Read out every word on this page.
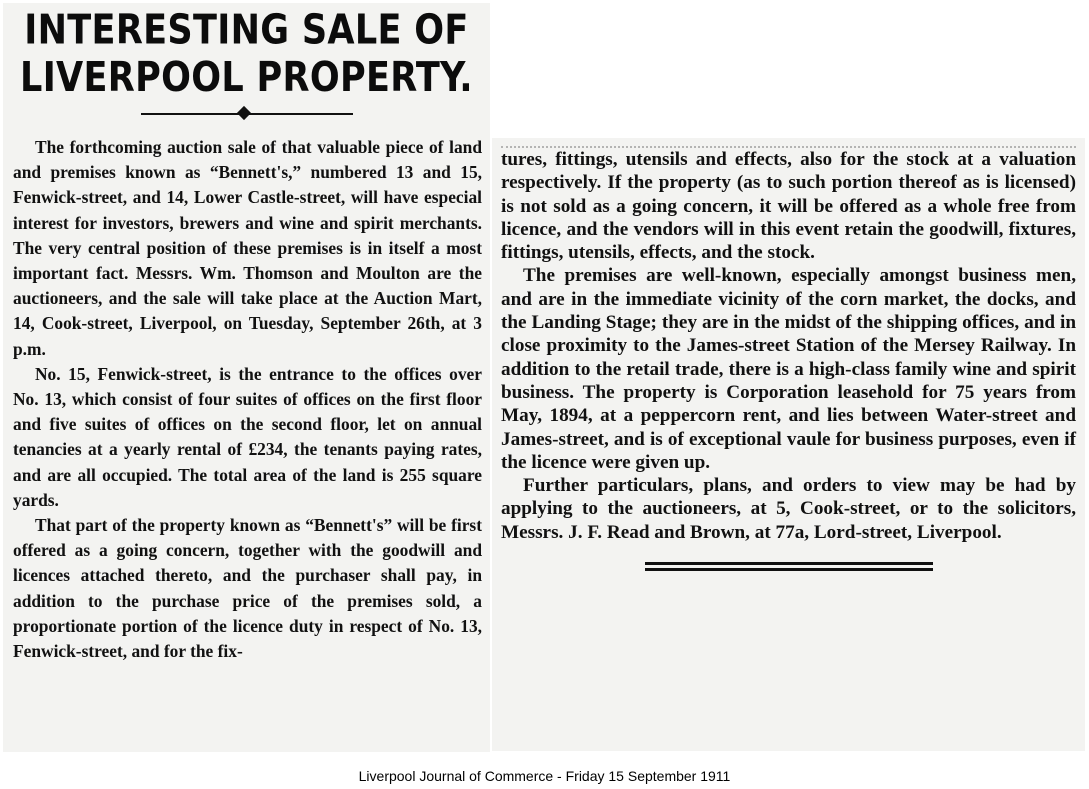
INTERESTING SALE OF
LIVERPOOL PROPERTY.

The forthcoming auction sale of that valuable piece of land and premises known as “Bennett's,” numbered 13 and 15, Fenwick-street, and 14, Lower Castle-street, will have especial interest for investors, brewers and wine and spirit merchants. The very central position of these premises is in itself a most important fact. Messrs. Wm. Thomson and Moulton are the auctioneers, and the sale will take place at the Auction Mart, 14, Cook-street, Liverpool, on Tuesday, September 26th, at 3 p.m.

No. 15, Fenwick-street, is the entrance to the offices over No. 13, which consist of four suites of offices on the first floor and five suites of offices on the second floor, let on annual tenancies at a yearly rental of £234, the tenants paying rates, and are all occupied. The total area of the land is 255 square yards.

That part of the property known as “Bennett's” will be first offered as a going concern, together with the goodwill and licences attached thereto, and the purchaser shall pay, in addition to the purchase price of the premises sold, a proportionate portion of the licence duty in respect of No. 13, Fenwick-street, and for the fix-

tures, fittings, utensils and effects, also for the stock at a valuation respectively. If the property (as to such portion thereof as is licensed) is not sold as a going concern, it will be offered as a whole free from licence, and the vendors will in this event retain the goodwill, fixtures, fittings, utensils, effects, and the stock.

The premises are well-known, especially amongst business men, and are in the immediate vicinity of the corn market, the docks, and the Landing Stage; they are in the midst of the shipping offices, and in close proximity to the James-street Station of the Mersey Railway. In addition to the retail trade, there is a high-class family wine and spirit business. The property is Corporation leasehold for 75 years from May, 1894, at a peppercorn rent, and lies between Water-street and James-street, and is of exceptional vaule for business purposes, even if the licence were given up.

Further particulars, plans, and orders to view may be had by applying to the auctioneers, at 5, Cook-street, or to the solicitors, Messrs. J. F. Read and Brown, at 77a, Lord-street, Liverpool.

Liverpool Journal of Commerce - Friday 15 September 1911
